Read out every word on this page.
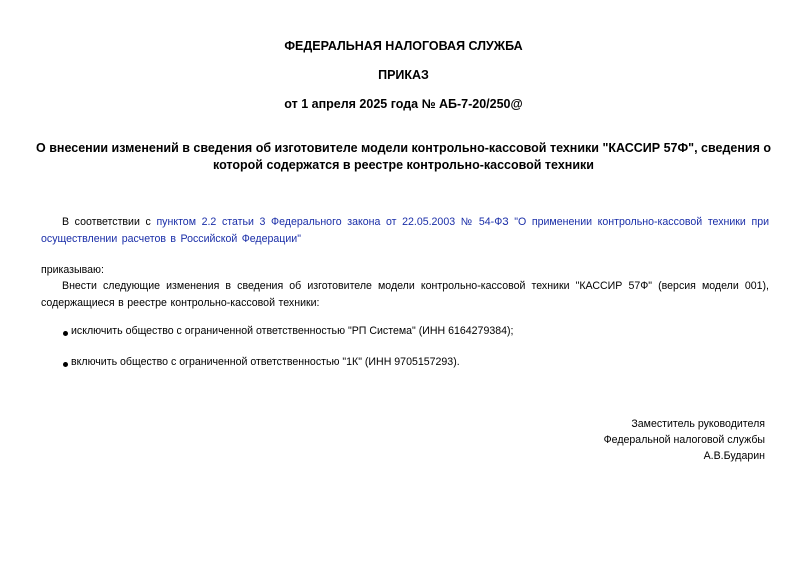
ФЕДЕРАЛЬНАЯ НАЛОГОВАЯ СЛУЖБА
ПРИКАЗ
от 1 апреля 2025 года № АБ-7-20/250@
О внесении изменений в сведения об изготовителе модели контрольно-кассовой техники "КАССИР 57Ф", сведения о которой содержатся в реестре контрольно-кассовой техники
В соответствии с пунктом 2.2 статьи 3 Федерального закона от 22.05.2003 № 54-ФЗ "О применении контрольно-кассовой техники при осуществлении расчетов в Российской Федерации"
приказываю:
Внести следующие изменения в сведения об изготовителе модели контрольно-кассовой техники "КАССИР 57Ф" (версия модели 001), содержащиеся в реестре контрольно-кассовой техники:
исключить общество с ограниченной ответственностью "РП Система" (ИНН 6164279384);
включить общество с ограниченной ответственностью "1К" (ИНН 9705157293).
Заместитель руководителя
Федеральной налоговой службы
А.В.Бударин
